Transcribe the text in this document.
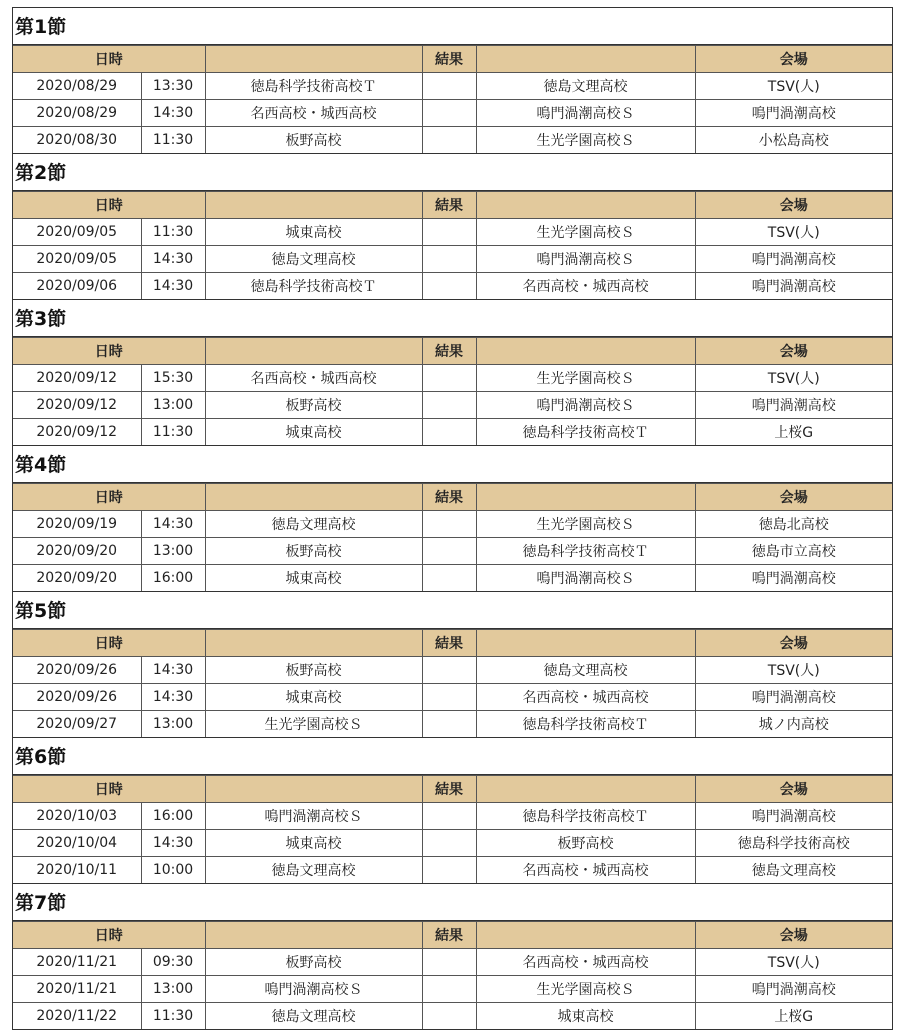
第1節
日時			結果		会場
2020/08/29	13:30	徳島科学技術高校Ｔ		徳島文理高校	TSV(人)
2020/08/29	14:30	名西高校・城西高校		鳴門渦潮高校Ｓ	鳴門渦潮高校
2020/08/30	11:30	板野高校		生光学園高校Ｓ	小松島高校
第2節
日時			結果		会場
2020/09/05	11:30	城東高校		生光学園高校Ｓ	TSV(人)
2020/09/05	14:30	徳島文理高校		鳴門渦潮高校Ｓ	鳴門渦潮高校
2020/09/06	14:30	徳島科学技術高校Ｔ		名西高校・城西高校	鳴門渦潮高校
第3節
日時			結果		会場
2020/09/12	15:30	名西高校・城西高校		生光学園高校Ｓ	TSV(人)
2020/09/12	13:00	板野高校		鳴門渦潮高校Ｓ	鳴門渦潮高校
2020/09/12	11:30	城東高校		徳島科学技術高校Ｔ	上桜G
第4節
日時			結果		会場
2020/09/19	14:30	徳島文理高校		生光学園高校Ｓ	徳島北高校
2020/09/20	13:00	板野高校		徳島科学技術高校Ｔ	徳島市立高校
2020/09/20	16:00	城東高校		鳴門渦潮高校Ｓ	鳴門渦潮高校
第5節
日時			結果		会場
2020/09/26	14:30	板野高校		徳島文理高校	TSV(人)
2020/09/26	14:30	城東高校		名西高校・城西高校	鳴門渦潮高校
2020/09/27	13:00	生光学園高校Ｓ		徳島科学技術高校Ｔ	城ノ内高校
第6節
日時			結果		会場
2020/10/03	16:00	鳴門渦潮高校Ｓ		徳島科学技術高校Ｔ	鳴門渦潮高校
2020/10/04	14:30	城東高校		板野高校	徳島科学技術高校
2020/10/11	10:00	徳島文理高校		名西高校・城西高校	徳島文理高校
第7節
日時			結果		会場
2020/11/21	09:30	板野高校		名西高校・城西高校	TSV(人)
2020/11/21	13:00	鳴門渦潮高校Ｓ		生光学園高校Ｓ	鳴門渦潮高校
2020/11/22	11:30	徳島文理高校		城東高校	上桜G
